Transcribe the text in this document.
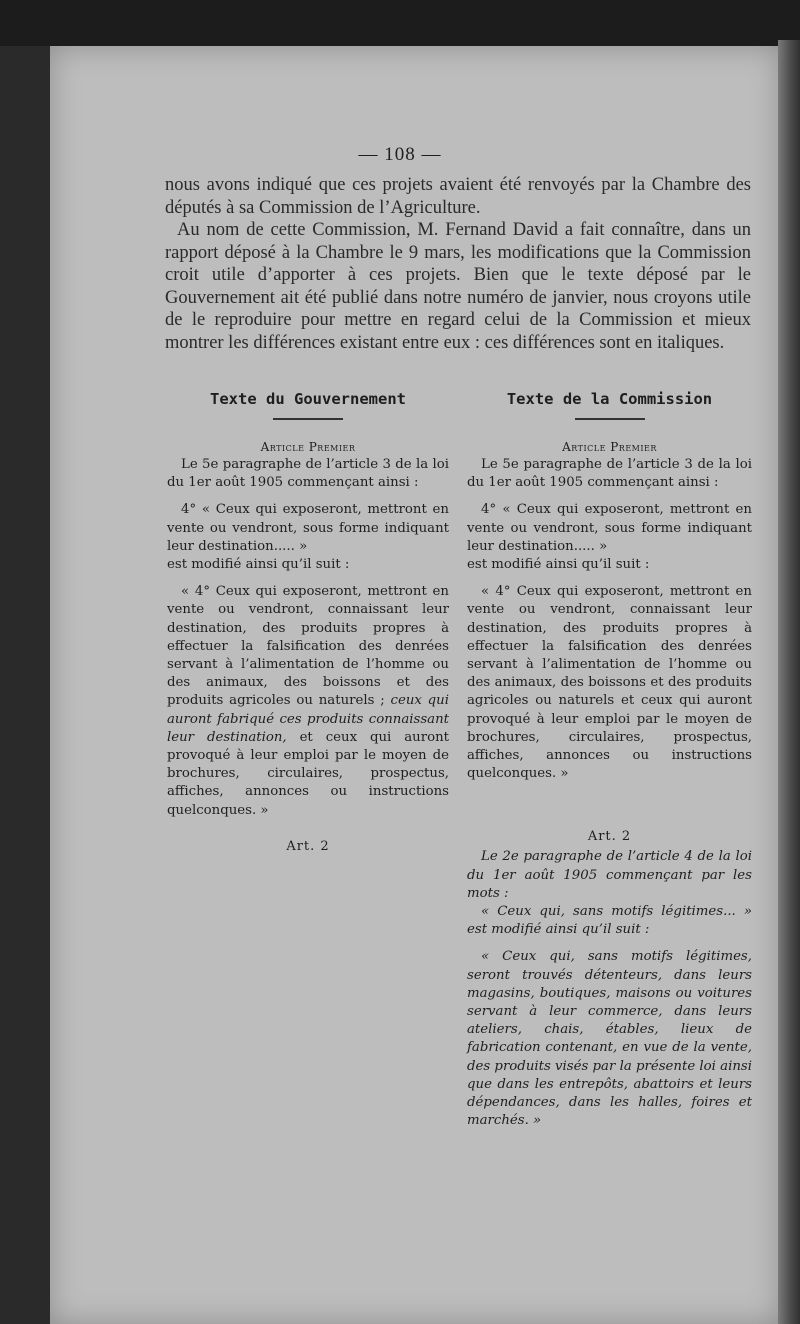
— 108 —

nous avons indiqué que ces projets avaient été renvoyés par la Chambre des députés à sa Commission de l’Agriculture.

Au nom de cette Commission, M. Fernand David a fait connaître, dans un rapport déposé à la Chambre le 9 mars, les modifications que la Commission croit utile d’apporter à ces projets. Bien que le texte déposé par le Gouvernement ait été publié dans notre numéro de janvier, nous croyons utile de le reproduire pour mettre en regard celui de la Commission et mieux montrer les différences existant entre eux : ces différences sont en italiques.

Texte du Gouvernement
Article Premier

Le 5e paragraphe de l’article 3 de la loi du 1er août 1905 commençant ainsi :

4° « Ceux qui exposeront, mettront en vente ou vendront, sous forme indiquant leur destination..... »

est modifié ainsi qu’il suit :

« 4° Ceux qui exposeront, mettront en vente ou vendront, connaissant leur destination, des produits propres à effectuer la falsification des denrées servant à l’alimentation de l’homme ou des animaux, des boissons et des produits agricoles ou naturels ; ceux qui auront fabriqué ces produits connaissant leur destination, et ceux qui auront provoqué à leur emploi par le moyen de brochures, circulaires, prospectus, affiches, annonces ou instructions quelconques. »

Art. 2
Texte de la Commission
Article Premier

Le 5e paragraphe de l’article 3 de la loi du 1er août 1905 commençant ainsi :

4° « Ceux qui exposeront, mettront en vente ou vendront, sous forme indiquant leur destination..... »

est modifié ainsi qu’il suit :

« 4° Ceux qui exposeront, mettront en vente ou vendront, connaissant leur destination, des produits propres à effectuer la falsification des denrées servant à l’alimentation de l’homme ou des animaux, des boissons et des produits agricoles ou naturels et ceux qui auront provoqué à leur emploi par le moyen de brochures, circulaires, prospectus, affiches, annonces ou instructions quelconques. »

Art. 2

Le 2e paragraphe de l’article 4 de la loi du 1er août 1905 commençant par les mots :

« Ceux qui, sans motifs légitimes... » est modifié ainsi qu’il suit :

« Ceux qui, sans motifs légitimes, seront trouvés détenteurs, dans leurs magasins, boutiques, maisons ou voitures servant à leur commerce, dans leurs ateliers, chais, étables, lieux de fabrication contenant, en vue de la vente, des produits visés par la présente loi ainsi que dans les entrepôts, abattoirs et leurs dépendances, dans les halles, foires et marchés. »
